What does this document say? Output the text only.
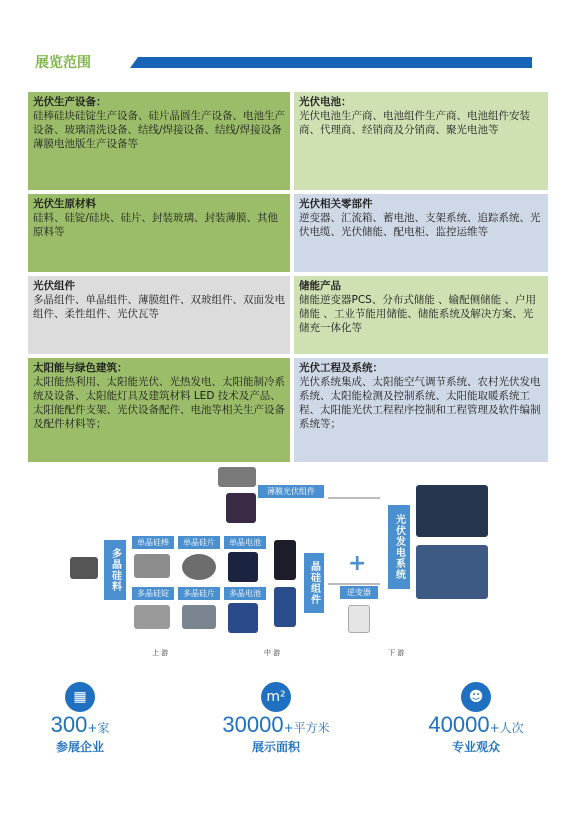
展览范围
光伏生产设备：
硅棒硅块硅锭生产设备、硅片晶圆生产设备、电池生产设备、玻璃清洗设备、结线/焊接设备、结线/焊接设备薄膜电池版生产设备等
光伏电池：
光伏电池生产商、电池组件生产商、电池组件安装商、代理商、经销商及分销商、聚光电池等
光伏生原材料
硅料、硅锭/硅块、硅片、封装玻璃、封装薄膜、其他原料等
光伏相关零部件
逆变器、汇流箱、蓄电池、支架系统、追踪系统、光伏电缆、光伏储能、配电柜、监控运维等
光伏组件
多晶组件、单晶组件、薄膜组件、双玻组件、双面发电组件、柔性组件、光伏瓦等
储能产品
储能逆变器PCS、分布式储能 、输配侧储能 、户用储能 、工业节能用储能、储能系统及解决方案、光储充一体化等
太阳能与绿色建筑：
太阳能热利用、太阳能光伏、光热发电、太阳能制冷系统及设备、太阳能灯具及建筑材料 LED 技术及产品、太阳能配件支架、光伏设备配件、电池等相关生产设备及配件材料等；
光伏工程及系统：
光伏系统集成、太阳能空气调节系统、农村光伏发电系统、太阳能检测及控制系统、太阳能取暖系统工程、太阳能光伏工程程序控制和工程管理及软件编制系统等；
多晶硅料
单晶硅棒	单晶硅片	单晶电池
多晶硅锭	多晶硅片	多晶电池	晶硅组件
薄膜光伏组件
+
逆变器
光伏发电系统
上 游	中 游	下 游
▦
300+家
参展企业
m²
30000+平方米
展示面积
☻
40000+人次
专业观众
